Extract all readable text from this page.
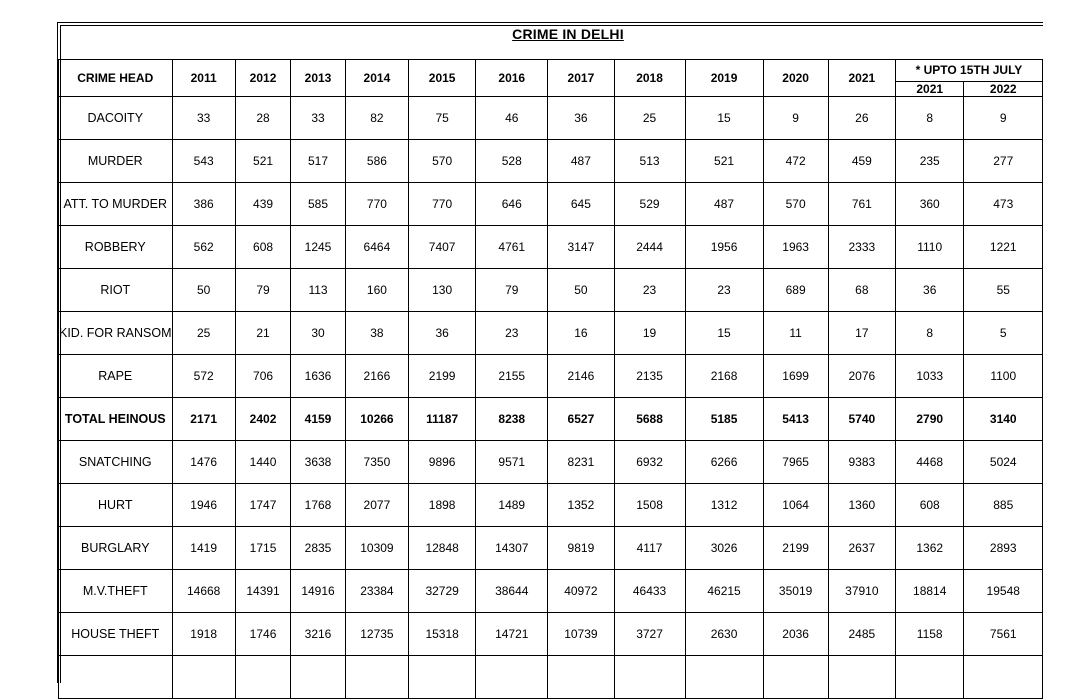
CRIME IN DELHI
CRIME HEAD	2011	2012	2013	2014	2015	2016	2017	2018	2019	2020	2021	* UPTO 15TH JULY	
												2021	2022
DACOITY	33	28	33	82	75	46	36	25	15	9	26	8	9
MURDER	543	521	517	586	570	528	487	513	521	472	459	235	277
ATT. TO MURDER	386	439	585	770	770	646	645	529	487	570	761	360	473
ROBBERY	562	608	1245	6464	7407	4761	3147	2444	1956	1963	2333	1110	1221
RIOT	50	79	113	160	130	79	50	23	23	689	68	36	55
KID. FOR RANSOM	25	21	30	38	36	23	16	19	15	11	17	8	5
RAPE	572	706	1636	2166	2199	2155	2146	2135	2168	1699	2076	1033	1100
TOTAL HEINOUS	2171	2402	4159	10266	11187	8238	6527	5688	5185	5413	5740	2790	3140
SNATCHING	1476	1440	3638	7350	9896	9571	8231	6932	6266	7965	9383	4468	5024
HURT	1946	1747	1768	2077	1898	1489	1352	1508	1312	1064	1360	608	885
BURGLARY	1419	1715	2835	10309	12848	14307	9819	4117	3026	2199	2637	1362	2893
M.V.THEFT	14668	14391	14916	23384	32729	38644	40972	46433	46215	35019	37910	18814	19548
HOUSE THEFT	1918	1746	3216	12735	15318	14721	10739	3727	2630	2036	2485	1158	7561
